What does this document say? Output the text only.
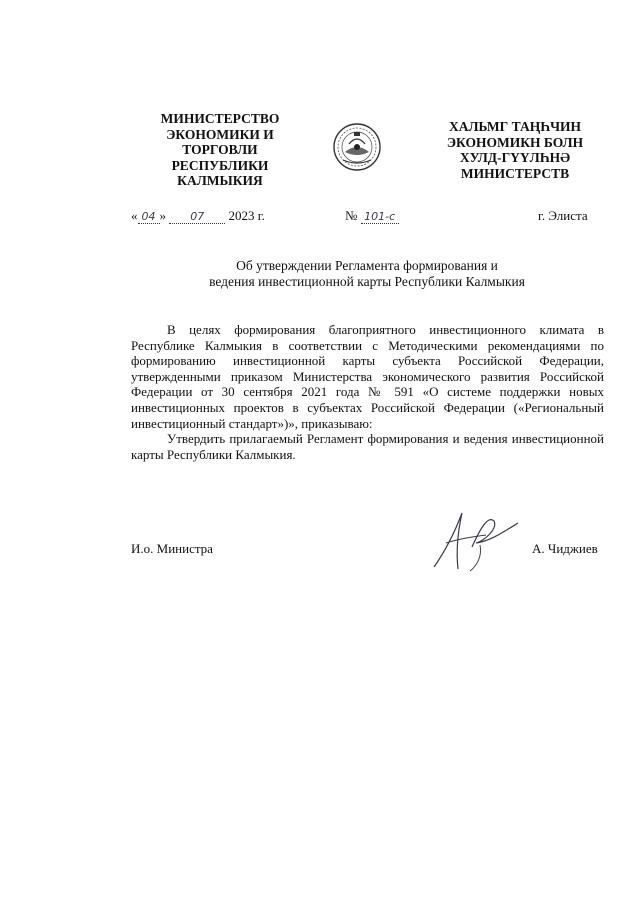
МИНИСТЕРСТВО
ЭКОНОМИКИ И
ТОРГОВЛИ
РЕСПУБЛИКИ
КАЛМЫКИЯ
ХАЛЬМГ ТАҢҺЧИН
ЭКОНОМИКН БОЛН
ХУЛД-ГҮҮЛҺНӘ
МИНИСТЕРСТВ
« 04 » 07 2023 г.	№ 101-с	г. Элиста
Об утверждении Регламента формирования и
ведения инвестиционной карты Республики Калмыкия

В целях формирования благоприятного инвестиционного климата в Республике Калмыкия в соответствии с Методическими рекомендациями по формированию инвестиционной карты субъекта Российской Федерации, утвержденными приказом Министерства экономического развития Российской Федерации от 30 сентября 2021 года № 591 «О системе поддержки новых инвестиционных проектов в субъектах Российской Федерации («Региональный инвестиционный стандарт»)», приказываю:

Утвердить прилагаемый Регламент формирования и ведения инвестиционной карты Республики Калмыкия.

И.о. Министра	А. Чиджиев
